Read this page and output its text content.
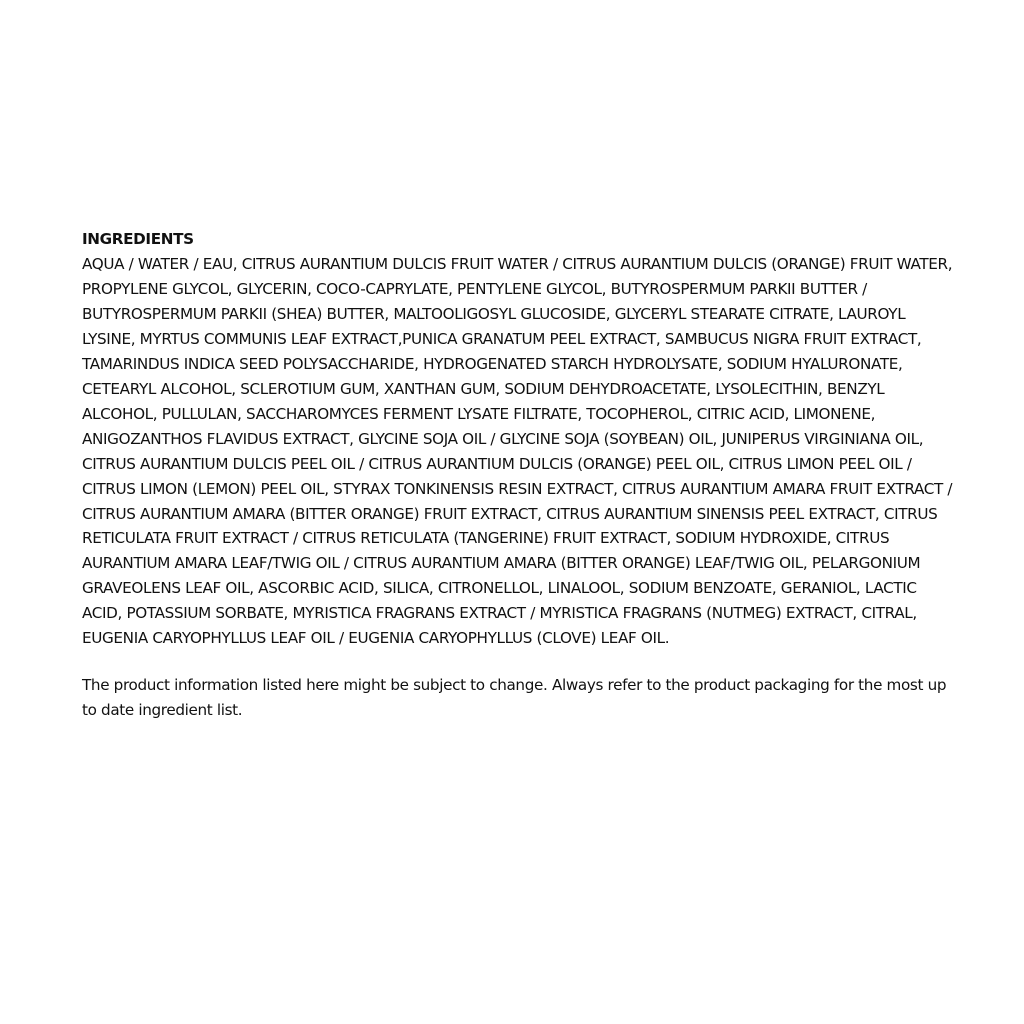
INGREDIENTS

AQUA / WATER / EAU, CITRUS AURANTIUM DULCIS FRUIT WATER / CITRUS AURANTIUM DULCIS (ORANGE) FRUIT WATER, PROPYLENE GLYCOL, GLYCERIN, COCO-CAPRYLATE, PENTYLENE GLYCOL, BUTYROSPERMUM PARKII BUTTER / BUTYROSPERMUM PARKII (SHEA) BUTTER, MALTOOLIGOSYL GLUCOSIDE, GLYCERYL STEARATE CITRATE, LAUROYL LYSINE, MYRTUS COMMUNIS LEAF EXTRACT,PUNICA GRANATUM PEEL EXTRACT, SAMBUCUS NIGRA FRUIT EXTRACT, TAMARINDUS INDICA SEED POLYSACCHARIDE, HYDROGENATED STARCH HYDROLYSATE, SODIUM HYALURONATE, CETEARYL ALCOHOL, SCLEROTIUM GUM, XANTHAN GUM, SODIUM DEHYDROACETATE, LYSOLECITHIN, BENZYL ALCOHOL, PULLULAN, SACCHAROMYCES FERMENT LYSATE FILTRATE, TOCOPHEROL, CITRIC ACID, LIMONENE, ANIGOZANTHOS FLAVIDUS EXTRACT, GLYCINE SOJA OIL / GLYCINE SOJA (SOYBEAN) OIL, JUNIPERUS VIRGINIANA OIL, CITRUS AURANTIUM DULCIS PEEL OIL / CITRUS AURANTIUM DULCIS (ORANGE) PEEL OIL, CITRUS LIMON PEEL OIL / CITRUS LIMON (LEMON) PEEL OIL, STYRAX TONKINENSIS RESIN EXTRACT, CITRUS AURANTIUM AMARA FRUIT EXTRACT / CITRUS AURANTIUM AMARA (BITTER ORANGE) FRUIT EXTRACT, CITRUS AURANTIUM SINENSIS PEEL EXTRACT, CITRUS RETICULATA FRUIT EXTRACT / CITRUS RETICULATA (TANGERINE) FRUIT EXTRACT, SODIUM HYDROXIDE, CITRUS AURANTIUM AMARA LEAF/TWIG OIL / CITRUS AURANTIUM AMARA (BITTER ORANGE) LEAF/TWIG OIL, PELARGONIUM GRAVEOLENS LEAF OIL, ASCORBIC ACID, SILICA, CITRONELLOL, LINALOOL, SODIUM BENZOATE, GERANIOL, LACTIC ACID, POTASSIUM SORBATE, MYRISTICA FRAGRANS EXTRACT / MYRISTICA FRAGRANS (NUTMEG) EXTRACT, CITRAL, EUGENIA CARYOPHYLLUS LEAF OIL / EUGENIA CARYOPHYLLUS (CLOVE) LEAF OIL.

The product information listed here might be subject to change. Always refer to the product packaging for the most up to date ingredient list.
